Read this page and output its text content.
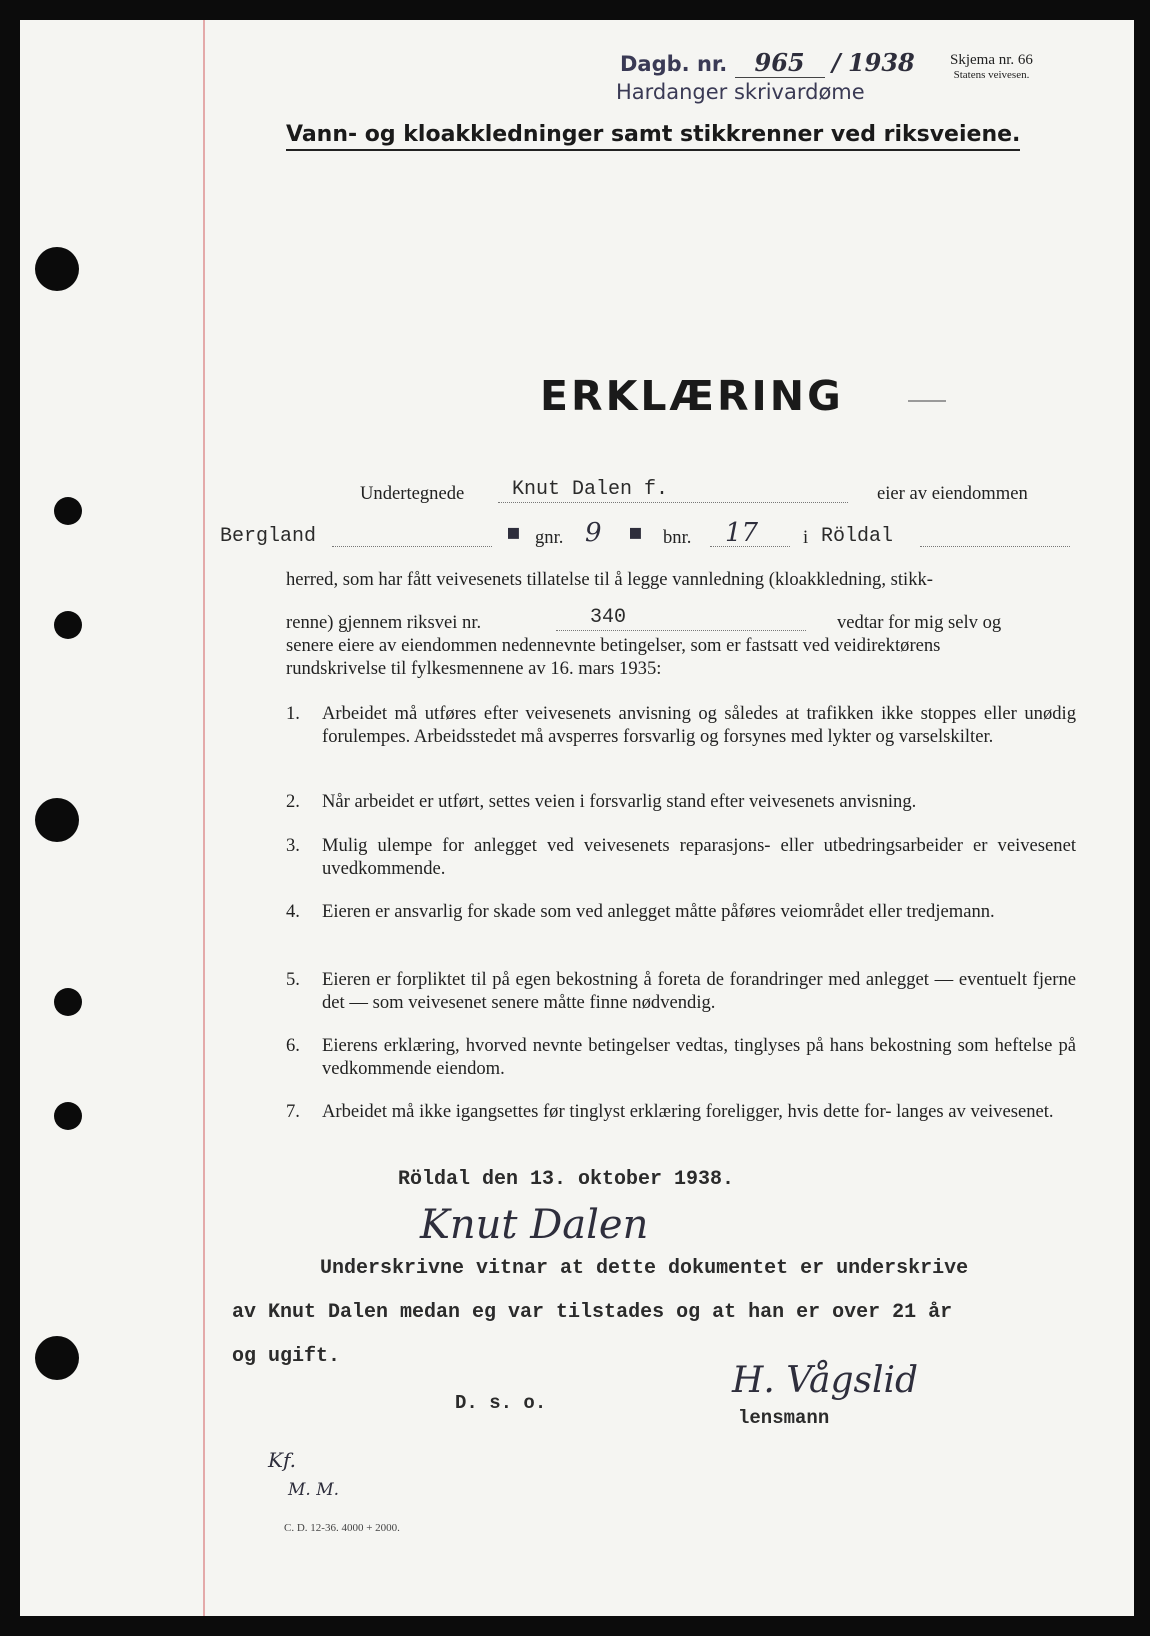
Dagb. nr. 965 / 1938
Hardanger skrivardøme
Skjema nr. 66
Statens veivesen.
Vann- og kloakkledninger samt stikkrenner ved riksveiene.
ERKLÆRING
Undertegnede Knut Dalen f.	eier av eiendommen
Bergland	▪ gnr. 9 ▪ bnr. 17 i Röldal
herred, som har fått veivesenets tillatelse til å legge vannledning (kloakkledning, stikk-
renne) gjennem riksvei nr.	340	vedtar for mig selv og
senere eiere av eiendommen nedennevnte betingelser, som er fastsatt ved veidirektørens
rundskrivelse til fylkesmennene av 16. mars 1935:
1. Arbeidet må utføres efter veivesenets anvisning og således at trafikken ikke stoppes eller unødig forulempes. Arbeidsstedet må avsperres forsvarlig og forsynes med lykter og varselskilter.
2. Når arbeidet er utført, settes veien i forsvarlig stand efter veivesenets anvisning.
3. Mulig ulempe for anlegget ved veivesenets reparasjons- eller utbedringsarbeider er veivesenet uvedkommende.
4. Eieren er ansvarlig for skade som ved anlegget måtte påføres veiområdet eller tredjemann.
5. Eieren er forpliktet til på egen bekostning å foreta de forandringer med anlegget — eventuelt fjerne det — som veivesenet senere måtte finne nødvendig.
6. Eierens erklæring, hvorved nevnte betingelser vedtas, tinglyses på hans bekostning som heftelse på vedkommende eiendom.
7. Arbeidet må ikke igangsettes før tinglyst erklæring foreligger, hvis dette for- langes av veivesenet.
Röldal den 13. oktober 1938.
Knut Dalen
Underskrivne vitnar at dette dokumentet er underskrive
av Knut Dalen medan eg var tilstades og at han er over 21 år
og ugift.
D. s. o.
H. Vågslid
lensmann
Kf.
M. M.
C. D. 12-36. 4000 + 2000.
